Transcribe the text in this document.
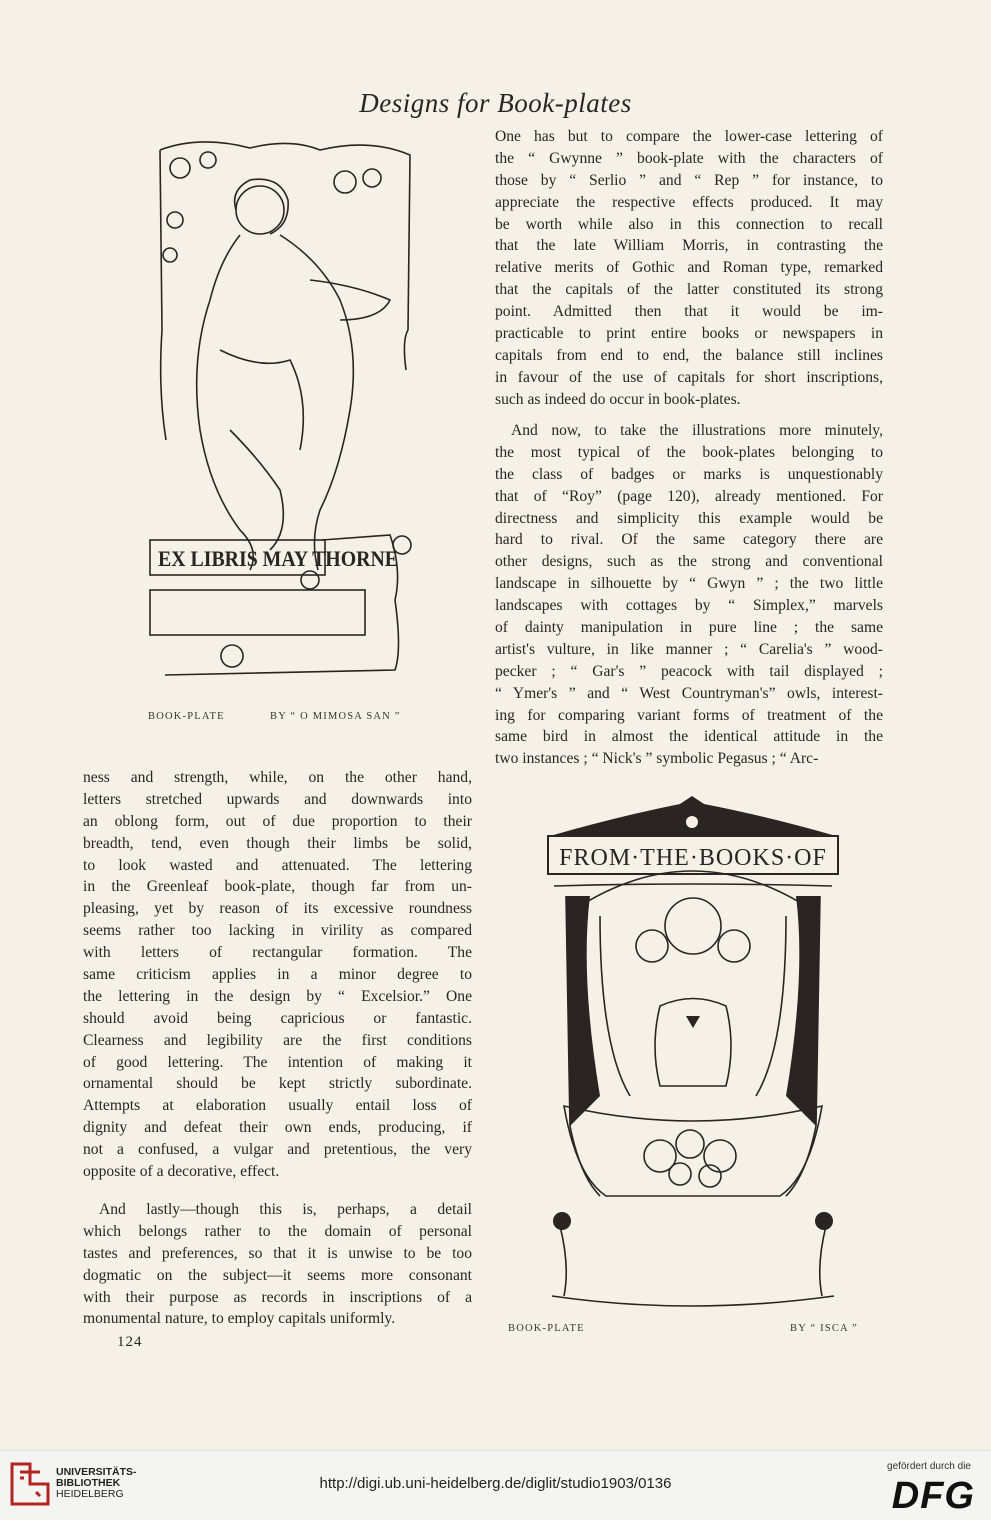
Designs for Book-plates
EX LIBRIS MAY THORNE
BOOK-PLATE	BY “ O MIMOSA SAN ”
FROM·THE·BOOKS·OF
BOOK-PLATE	BY “ ISCA ”
One has but to compare the lower-case lettering of
the “ Gwynne ” book-plate with the characters of
those by “ Serlio ” and “ Rep ” for instance, to
appreciate the respective effects produced. It may
be worth while also in this connection to recall
that the late William Morris, in contrasting the
relative merits of Gothic and Roman type, remarked
that the capitals of the latter constituted its strong
point. Admitted then that it would be im-
practicable to print entire books or newspapers in
capitals from end to end, the balance still inclines
in favour of the use of capitals for short inscriptions,
such as indeed do occur in book-plates.
And now, to take the illustrations more minutely,
the most typical of the book-plates belonging to
the class of badges or marks is unquestionably
that of “Roy” (page 120), already mentioned. For
directness and simplicity this example would be
hard to rival. Of the same category there are
other designs, such as the strong and conventional
landscape in silhouette by “ Gwyn ” ; the two little
landscapes with cottages by “ Simplex,” marvels
of dainty manipulation in pure line ; the same
artist's vulture, in like manner ; “ Carelia's ” wood-
pecker ; “ Gar's ” peacock with tail displayed ;
“ Ymer's ” and “ West Countryman's” owls, interest-
ing for comparing variant forms of treatment of the
same bird in almost the identical attitude in the
two instances ; “ Nick's ” symbolic Pegasus ; “ Arc-
ness and strength, while, on the other hand,
letters stretched upwards and downwards into
an oblong form, out of due proportion to their
breadth, tend, even though their limbs be solid,
to look wasted and attenuated. The lettering
in the Greenleaf book-plate, though far from un-
pleasing, yet by reason of its excessive roundness
seems rather too lacking in virility as compared
with letters of rectangular formation. The
same criticism applies in a minor degree to
the lettering in the design by “ Excelsior.” One
should avoid being capricious or fantastic.
Clearness and legibility are the first conditions
of good lettering. The intention of making it
ornamental should be kept strictly subordinate.
Attempts at elaboration usually entail loss of
dignity and defeat their own ends, producing, if
not a confused, a vulgar and pretentious, the very
opposite of a decorative, effect.
And lastly—though this is, perhaps, a detail
which belongs rather to the domain of personal
tastes and preferences, so that it is unwise to be too
dogmatic on the subject—it seems more consonant
with their purpose as records in inscriptions of a
monumental nature, to employ capitals uniformly.
124
UNIVERSITÄTS-
BIBLIOTHEK
HEIDELBERG
http://digi.ub.uni-heidelberg.de/diglit/studio1903/0136
gefördert durch die
DFG
